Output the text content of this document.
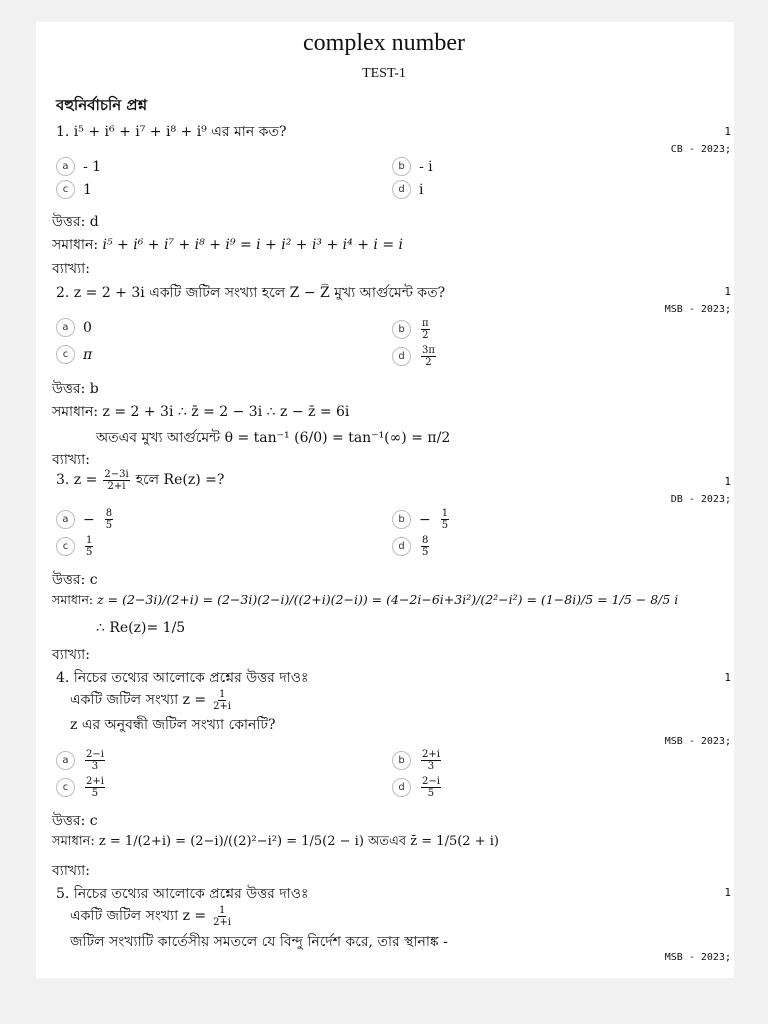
complex number
TEST-1
বহুনির্বাচনি প্রশ্ন
1. i⁵ + i⁶ + i⁷ + i⁸ + i⁹ এর মান কত?	1
CB - 2023;
a	- 1	b	- i
c	1	d	i
উত্তর: d
সমাধান: i⁵ + i⁶ + i⁷ + i⁸ + i⁹ = i + i² + i³ + i⁴ + i = i
ব্যাখ্যা:
2. z = 2 + 3i একটি জটিল সংখ্যা হলে Z − Z̅ মুখ্য আর্গুমেন্ট কত?	1
MSB - 2023;
a	0	b	$\frac{\pi}{2}$
c	π	d	$\frac{3\pi}{2}$
উত্তর: b
সমাধান: z = 2 + 3i ∴ z̄ = 2 − 3i ∴ z − z̄ = 6i
অতএব মুখ্য আর্গুমেন্ট θ = tan⁻¹ (6/0) = tan⁻¹(∞) = π/2
ব্যাখ্যা:
3. $z = \frac{2-3i}{2+i}$ হলে Re(z) =?	1
DB - 2023;
a	− $\frac{8}{5}$	b	− $\frac{1}{5}$
c	$\frac{1}{5}$	d	$\frac{8}{5}$
উত্তর: c
সমাধান: z = (2−3i)/(2+i) = (2−3i)(2−i)/((2+i)(2−i)) = (4−2i−6i+3i²)/(2²−i²) = (1−8i)/5 = 1/5 − 8/5 i
∴ Re(z)= 1/5
ব্যাখ্যা:
4. নিচের তথ্যের আলোকে প্রশ্নের উত্তর দাওঃ	1
একটি জটিল সংখ্যা $z = \frac{1}{2+i}$
z এর অনুবন্ধী জটিল সংখ্যা কোনটি?
MSB - 2023;
a	$\frac{2-i}{3}$	b	$\frac{2+i}{3}$
c	$\frac{2+i}{5}$	d	$\frac{2-i}{5}$
উত্তর: c
সমাধান: z = 1/(2+i) = (2−i)/((2)²−i²) = 1/5(2 − i) অতএব z̄ = 1/5(2 + i)
ব্যাখ্যা:
5. নিচের তথ্যের আলোকে প্রশ্নের উত্তর দাওঃ	1
একটি জটিল সংখ্যা $z = \frac{1}{2+i}$
জটিল সংখ্যাটি কার্তেসীয় সমতলে যে বিন্দু নির্দেশ করে, তার স্থানাঙ্ক -
MSB - 2023;
